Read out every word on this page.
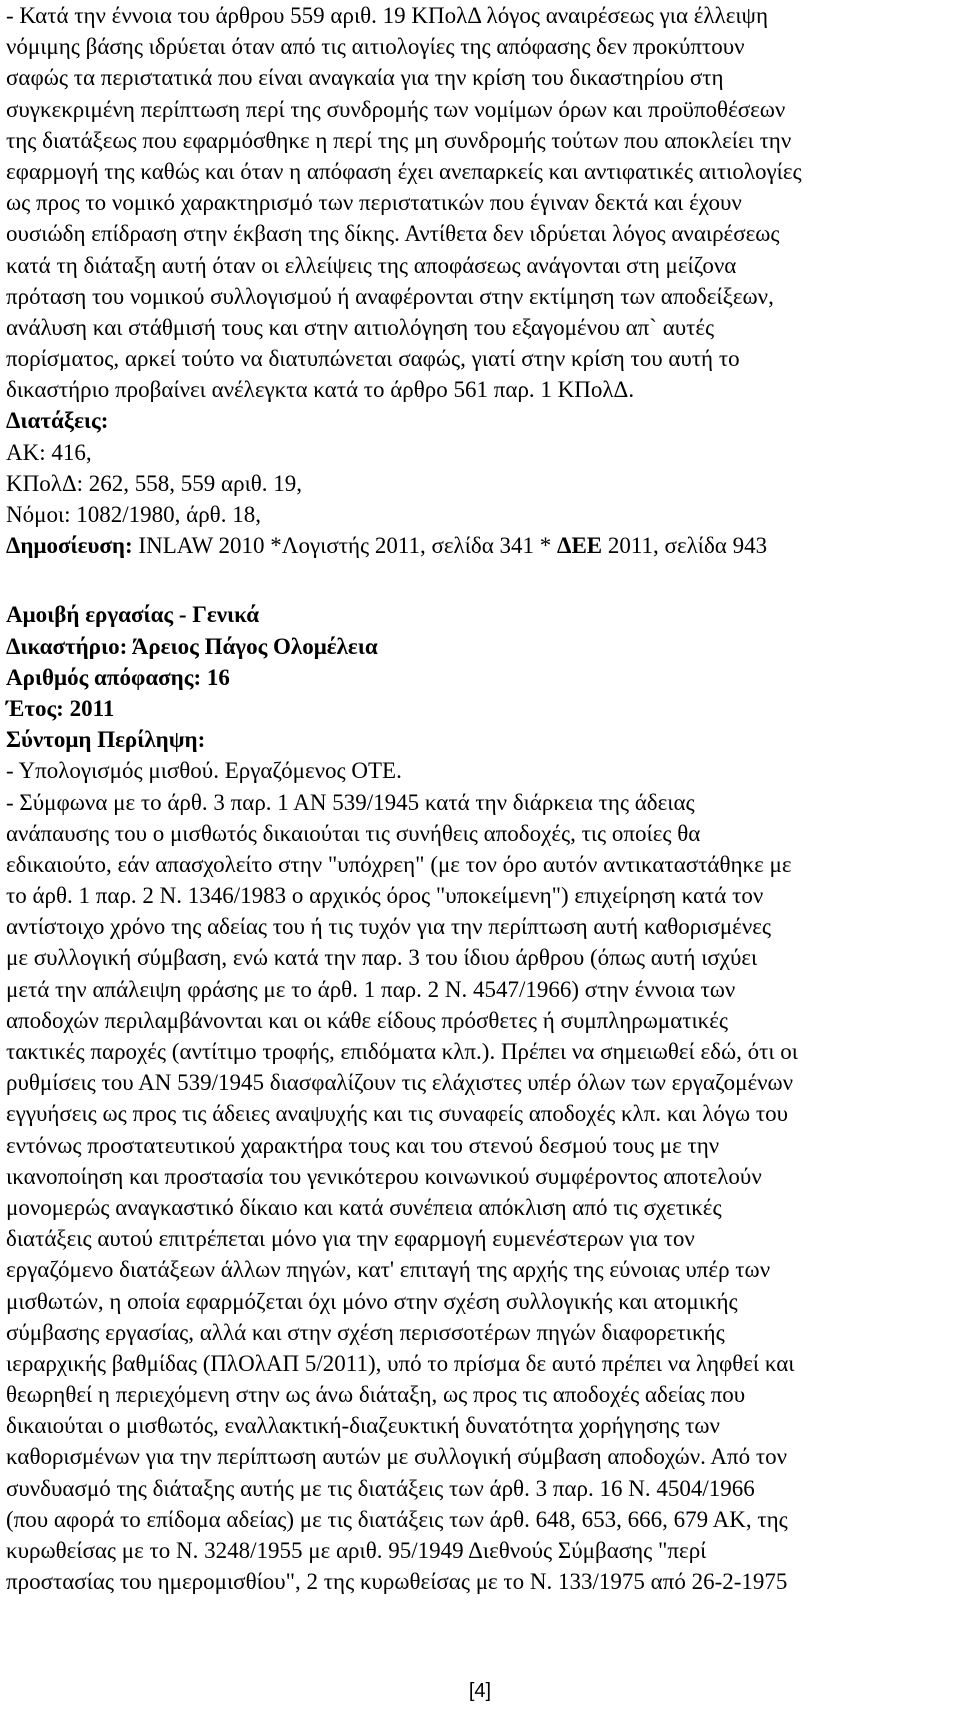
- Κατά την έννοια του άρθρου 559 αριθ. 19 ΚΠολΔ λόγος αναιρέσεως για έλλειψη
νόμιμης βάσης ιδρύεται όταν από τις αιτιολογίες της απόφασης δεν προκύπτουν
σαφώς τα περιστατικά που είναι αναγκαία για την κρίση του δικαστηρίου στη
συγκεκριμένη περίπτωση περί της συνδρομής των νομίμων όρων και προϋποθέσεων
της διατάξεως που εφαρμόσθηκε η περί της μη συνδρομής τούτων που αποκλείει την
εφαρμογή της καθώς και όταν η απόφαση έχει ανεπαρκείς και αντιφατικές αιτιολογίες
ως προς το νομικό χαρακτηρισμό των περιστατικών που έγιναν δεκτά και έχουν
ουσιώδη επίδραση στην έκβαση της δίκης. Αντίθετα δεν ιδρύεται λόγος αναιρέσεως
κατά τη διάταξη αυτή όταν οι ελλείψεις της αποφάσεως ανάγονται στη μείζονα
πρόταση του νομικού συλλογισμού ή αναφέρονται στην εκτίμηση των αποδείξεων,
ανάλυση και στάθμισή τους και στην αιτιολόγηση του εξαγομένου απ` αυτές
πορίσματος, αρκεί τούτο να διατυπώνεται σαφώς, γιατί στην κρίση του αυτή το
δικαστήριο προβαίνει ανέλεγκτα κατά το άρθρο 561 παρ. 1 ΚΠολΔ.
Διατάξεις:
ΑΚ: 416,
ΚΠολΔ: 262, 558, 559 αριθ. 19,
Νόμοι: 1082/1980, άρθ. 18,
Δημοσίευση: INLAW 2010 *Λογιστής 2011, σελίδα 341 * ΔΕΕ 2011, σελίδα 943
Αμοιβή εργασίας - Γενικά
Δικαστήριο: Άρειος Πάγος Ολομέλεια
Αριθμός απόφασης: 16
Έτος: 2011
Σύντομη Περίληψη:
- Υπολογισμός μισθού. Εργαζόμενος ΟΤΕ.
- Σύμφωνα με το άρθ. 3 παρ. 1 ΑΝ 539/1945 κατά την διάρκεια της άδειας
ανάπαυσης του ο μισθωτός δικαιούται τις συνήθεις αποδοχές, τις οποίες θα
εδικαιούτο, εάν απασχολείτο στην "υπόχρεη" (με τον όρο αυτόν αντικαταστάθηκε με
το άρθ. 1 παρ. 2 Ν. 1346/1983 ο αρχικός όρος "υποκείμενη") επιχείρηση κατά τον
αντίστοιχο χρόνο της αδείας του ή τις τυχόν για την περίπτωση αυτή καθορισμένες
με συλλογική σύμβαση, ενώ κατά την παρ. 3 του ίδιου άρθρου (όπως αυτή ισχύει
μετά την απάλειψη φράσης με το άρθ. 1 παρ. 2 Ν. 4547/1966) στην έννοια των
αποδοχών περιλαμβάνονται και οι κάθε είδους πρόσθετες ή συμπληρωματικές
τακτικές παροχές (αντίτιμο τροφής, επιδόματα κλπ.). Πρέπει να σημειωθεί εδώ, ότι οι
ρυθμίσεις του ΑΝ 539/1945 διασφαλίζουν τις ελάχιστες υπέρ όλων των εργαζομένων
εγγυήσεις ως προς τις άδειες αναψυχής και τις συναφείς αποδοχές κλπ. και λόγω του
εντόνως προστατευτικού χαρακτήρα τους και του στενού δεσμού τους με την
ικανοποίηση και προστασία του γενικότερου κοινωνικού συμφέροντος αποτελούν
μονομερώς αναγκαστικό δίκαιο και κατά συνέπεια απόκλιση από τις σχετικές
διατάξεις αυτού επιτρέπεται μόνο για την εφαρμογή ευμενέστερων για τον
εργαζόμενο διατάξεων άλλων πηγών, κατ' επιταγή της αρχής της εύνοιας υπέρ των
μισθωτών, η οποία εφαρμόζεται όχι μόνο στην σχέση συλλογικής και ατομικής
σύμβασης εργασίας, αλλά και στην σχέση περισσοτέρων πηγών διαφορετικής
ιεραρχικής βαθμίδας (ΠλΟλΑΠ 5/2011), υπό το πρίσμα δε αυτό πρέπει να ληφθεί και
θεωρηθεί η περιεχόμενη στην ως άνω διάταξη, ως προς τις αποδοχές αδείας που
δικαιούται ο μισθωτός, εναλλακτική-διαζευκτική δυνατότητα χορήγησης των
καθορισμένων για την περίπτωση αυτών με συλλογική σύμβαση αποδοχών. Από τον
συνδυασμό της διάταξης αυτής με τις διατάξεις των άρθ. 3 παρ. 16 Ν. 4504/1966
(που αφορά το επίδομα αδείας) με τις διατάξεις των άρθ. 648, 653, 666, 679 ΑΚ, της
κυρωθείσας με το Ν. 3248/1955 με αριθ. 95/1949 Διεθνούς Σύμβασης "περί
προστασίας του ημερομισθίου", 2 της κυρωθείσας με το Ν. 133/1975 από 26-2-1975
[4]
